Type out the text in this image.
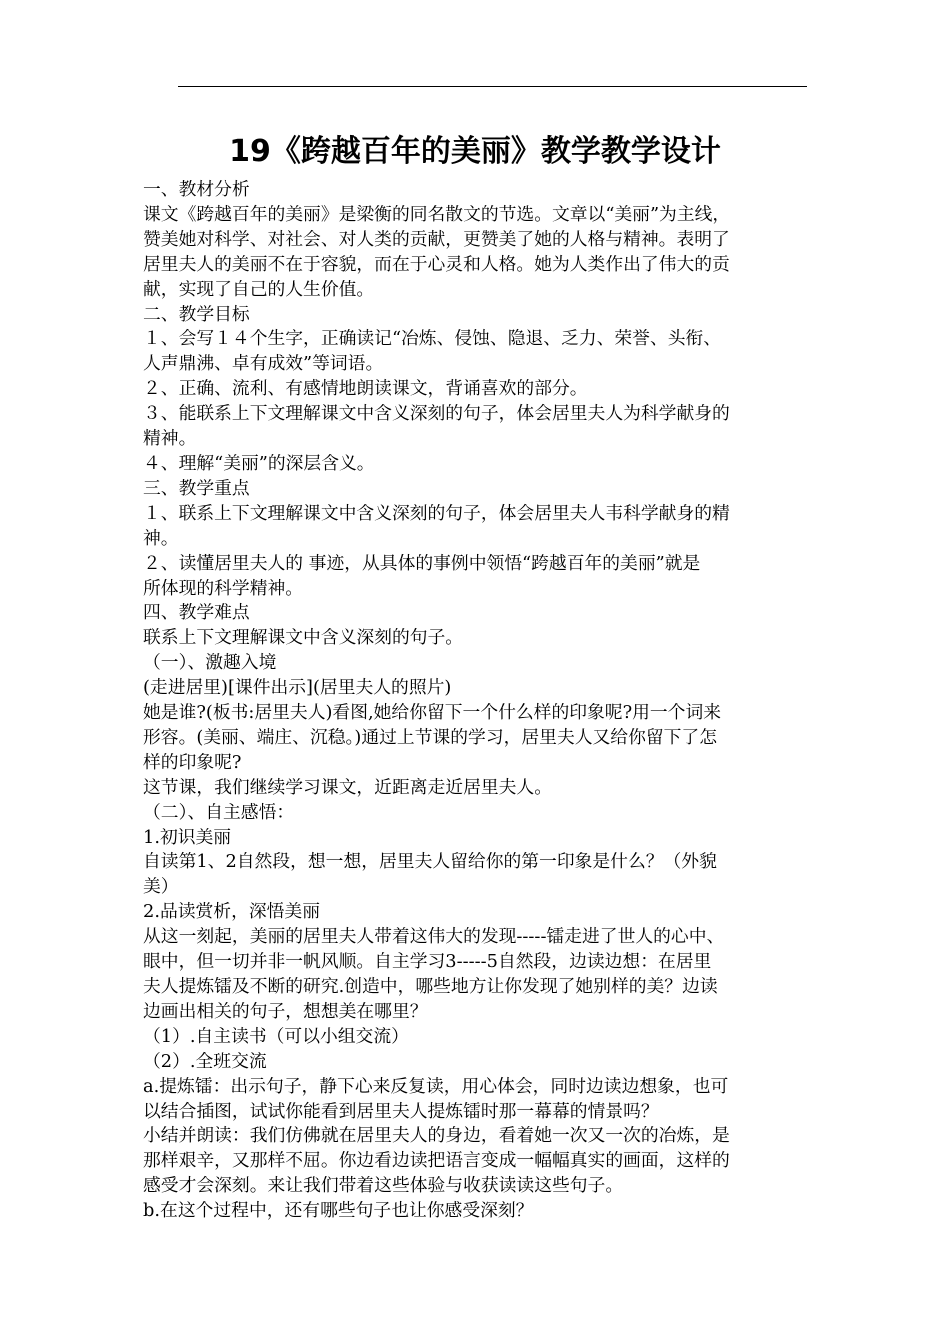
19《跨越百年的美丽》教学教学设计

一、教材分析

课文《跨越百年的美丽》是梁衡的同名散文的节选。文章以“美丽”为主线，

赞美她对科学、对社会、对人类的贡献，更赞美了她的人格与精神。表明了

居里夫人的美丽不在于容貌，而在于心灵和人格。她为人类作出了伟大的贡

献，实现了自己的人生价值。

二、教学目标

１、会写１４个生字，正确读记“冶炼、侵蚀、隐退、乏力、荣誉、头衔、

人声鼎沸、卓有成效”等词语。

２、正确、流利、有感情地朗读课文，背诵喜欢的部分。

３、能联系上下文理解课文中含义深刻的句子，体会居里夫人为科学献身的

精神。

４、理解“美丽”的深层含义。

三、教学重点

１、联系上下文理解课文中含义深刻的句子，体会居里夫人韦科学献身的精

神。

２、读懂居里夫人的 事迹，从具体的事例中领悟“跨越百年的美丽”就是

所体现的科学精神。

四、教学难点

联系上下文理解课文中含义深刻的句子。

（一）、激趣入境

(走进居里)[课件出示](居里夫人的照片)

她是谁?(板书:居里夫人)看图,她给你留下一个什么样的印象呢?用一个词来

形容。(美丽、端庄、沉稳。)通过上节课的学习，居里夫人又给你留下了怎

样的印象呢?

这节课，我们继续学习课文，近距离走近居里夫人。

（二）、自主感悟：

1.初识美丽

自读第1、2自然段，想一想，居里夫人留给你的第一印象是什么？（外貌

美）

2.品读赏析，深悟美丽

从这一刻起，美丽的居里夫人带着这伟大的发现-----镭走进了世人的心中、

眼中，但一切并非一帆风顺。自主学习3-----5自然段，边读边想：在居里

夫人提炼镭及不断的研究.创造中，哪些地方让你发现了她别样的美？边读

边画出相关的句子，想想美在哪里？

（1）.自主读书（可以小组交流）

（2）.全班交流

a.提炼镭：出示句子，静下心来反复读，用心体会，同时边读边想象，也可

以结合插图，试试你能看到居里夫人提炼镭时那一幕幕的情景吗？

小结并朗读：我们仿佛就在居里夫人的身边，看着她一次又一次的冶炼，是

那样艰辛，又那样不屈。你边看边读把语言变成一幅幅真实的画面，这样的

感受才会深刻。来让我们带着这些体验与收获读读这些句子。

b.在这个过程中，还有哪些句子也让你感受深刻？
